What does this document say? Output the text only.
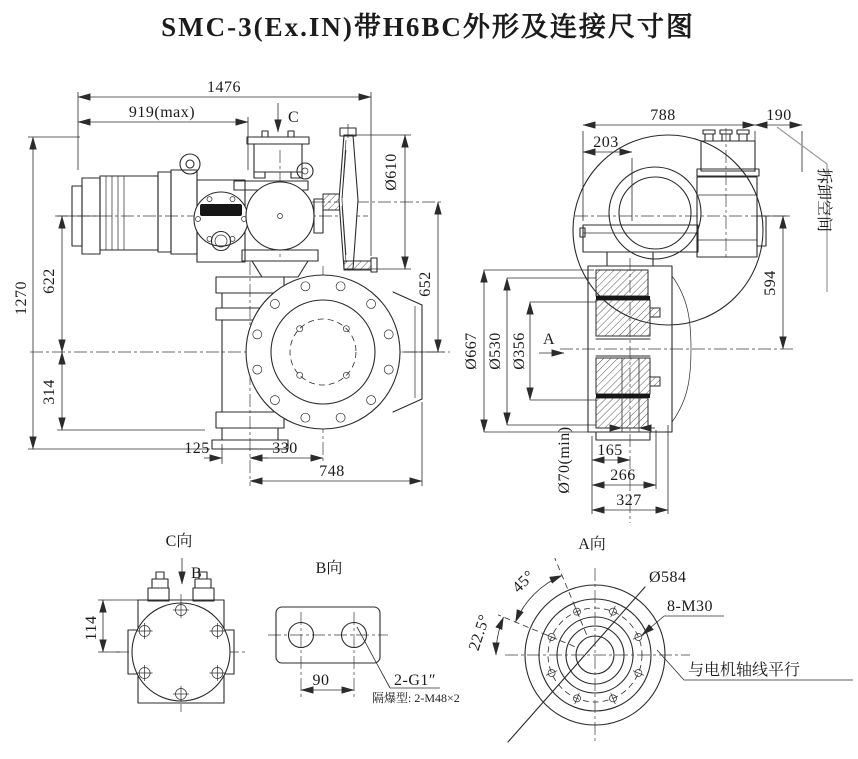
SMC-3(Ex.IN)带H6BC外形及连接尺寸图
1476
919(max)	C
Ø610
652
1270 622
314
125	330
748
788	190
203
拆卸空间
594
Ø667 Ø530 Ø356 A
Ø70(min) 165
266
327
C向
B
114
B向
90	2-G1″
隔爆型: 2-M48×2
A向
45°
22.5°
Ø584
8-M30
与电机轴线平行
